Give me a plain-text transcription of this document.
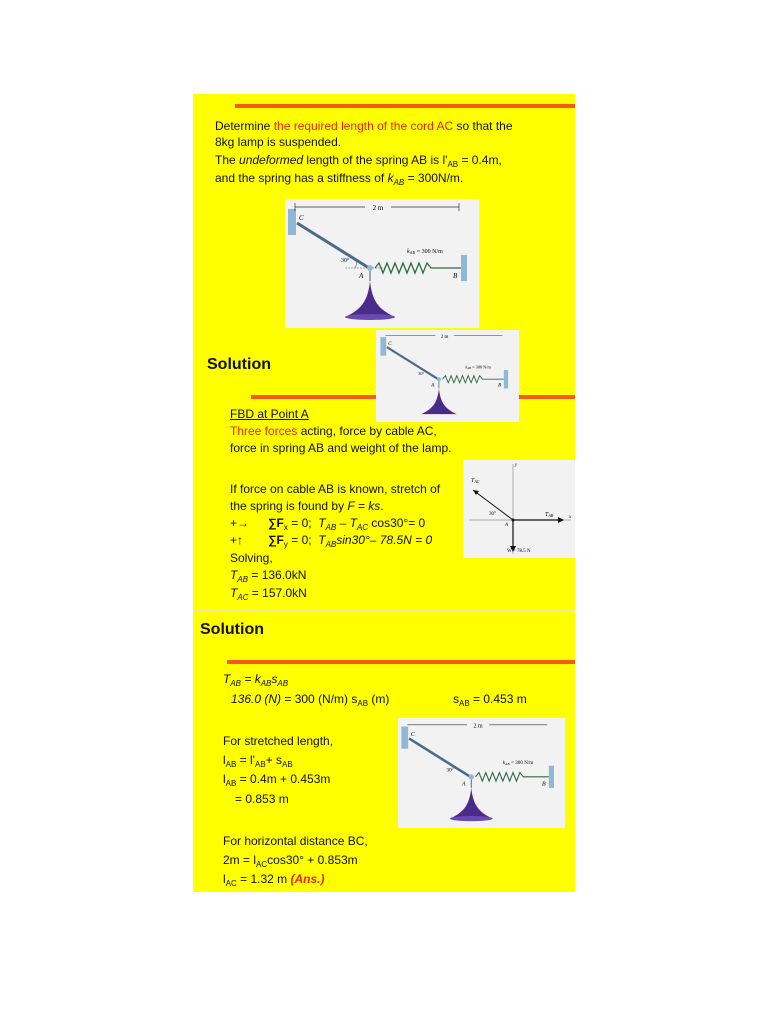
Determine the required length of the cord AC so that the
8kg lamp is suspended.
The undeformed length of the spring AB is $l'_{AB} = 0.4m$,
and the spring has a stiffness of $k_{AB} = 300N/m$.
2 m
C
A	B
30°
kAB = 300 N/m
Solution
2 m
C
A	B
30°
kAB = 300 N/m
FBD at Point A
Three forces acting, force by cable AC,
force in spring AB and weight of the lamp.
TAC
TAB
W = 78.5 N
30°
A
x
y
If force on cable AB is known, stretch of
the spring is found by F = ks.
+→ $\sum F_x = 0$; $T_{AB} - T_{AC}$ cos30°= 0
+↑ $\sum F_y = 0$; $T_{AB}\sin 30^\circ-$ 78.5N = 0
Solving,
$T_{AB} = 136.0kN$
$T_{AC} = 157.0kN$
Solution
$T_{AB} = k_{AB}s_{AB}$
136.0 (N) = 300 (N/m) $s_{AB}$ (m)	$s_{AB} = 0.453$ m
2 m
C
A	B
30°
kAB = 300 N/m
For stretched length,
$l_{AB} = l'_{AB}+ s_{AB}$
$l_{AB} = 0.4m + 0.453m$
= 0.853 m
For horizontal distance BC,
$2m = l_{AC}\cos 30^\circ + 0.853m$
$l_{AC} = 1.32$ m (Ans.)
